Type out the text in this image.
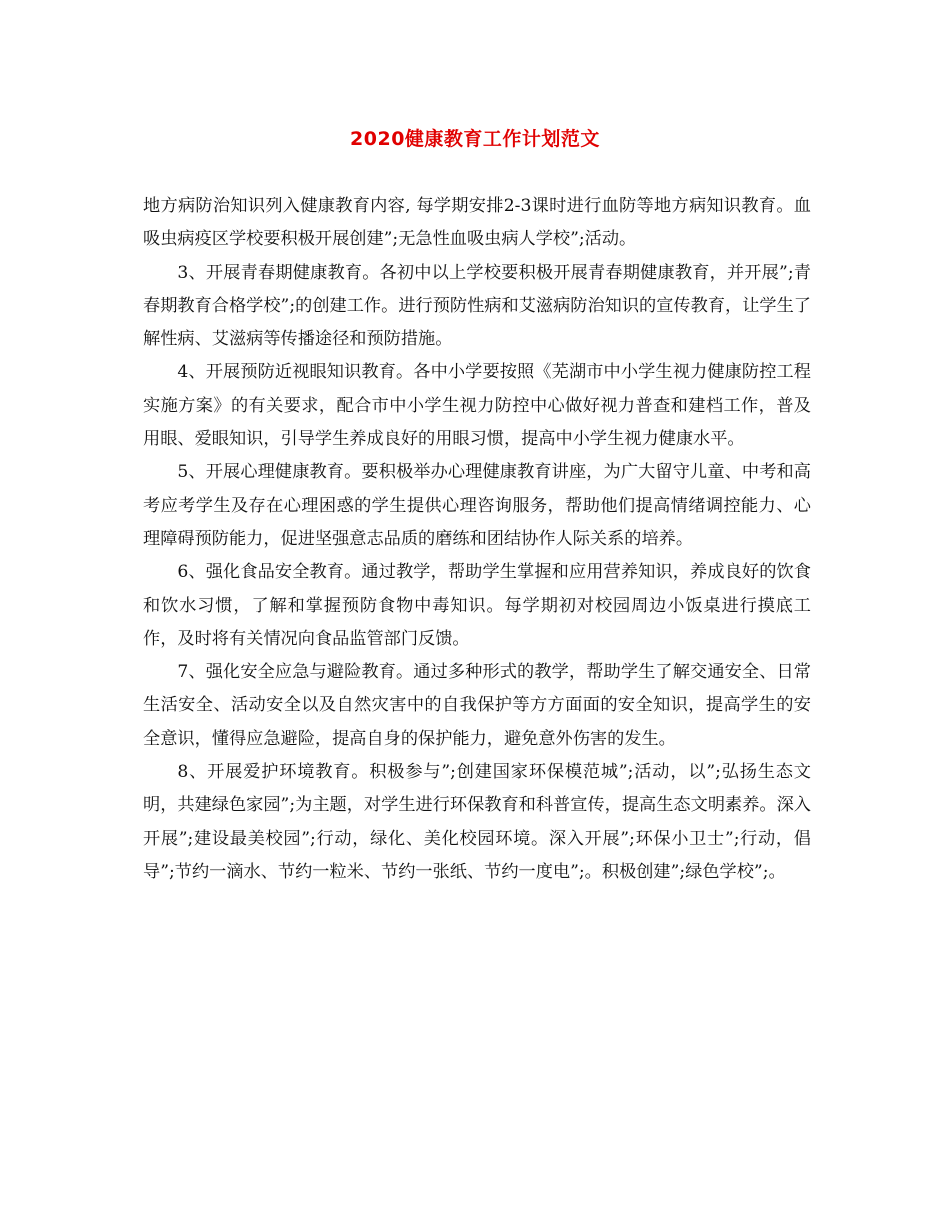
2020健康教育工作计划范文

地方病防治知识列入健康教育内容, 每学期安排2-3课时进行血防等地方病知识教育。血吸虫病疫区学校要积极开展创建”;无急性血吸虫病人学校”;活动。

3、开展青春期健康教育。各初中以上学校要积极开展青春期健康教育，并开展”;青春期教育合格学校”;的创建工作。进行预防性病和艾滋病防治知识的宣传教育，让学生了解性病、艾滋病等传播途径和预防措施。

4、开展预防近视眼知识教育。各中小学要按照《芜湖市中小学生视力健康防控工程实施方案》的有关要求，配合市中小学生视力防控中心做好视力普查和建档工作，普及用眼、爱眼知识，引导学生养成良好的用眼习惯，提高中小学生视力健康水平。

5、开展心理健康教育。要积极举办心理健康教育讲座，为广大留守儿童、中考和高考应考学生及存在心理困惑的学生提供心理咨询服务，帮助他们提高情绪调控能力、心理障碍预防能力，促进坚强意志品质的磨练和团结协作人际关系的培养。

6、强化食品安全教育。通过教学，帮助学生掌握和应用营养知识，养成良好的饮食和饮水习惯，了解和掌握预防食物中毒知识。每学期初对校园周边小饭桌进行摸底工作，及时将有关情况向食品监管部门反馈。

7、强化安全应急与避险教育。通过多种形式的教学，帮助学生了解交通安全、日常生活安全、活动安全以及自然灾害中的自我保护等方方面面的安全知识，提高学生的安全意识，懂得应急避险，提高自身的保护能力，避免意外伤害的发生。

8、开展爱护环境教育。积极参与”;创建国家环保模范城”;活动，以”;弘扬生态文明，共建绿色家园”;为主题，对学生进行环保教育和科普宣传，提高生态文明素养。深入开展”;建设最美校园”;行动，绿化、美化校园环境。深入开展”;环保小卫士”;行动，倡导”;节约一滴水、节约一粒米、节约一张纸、节约一度电”;。积极创建”;绿色学校”;。
